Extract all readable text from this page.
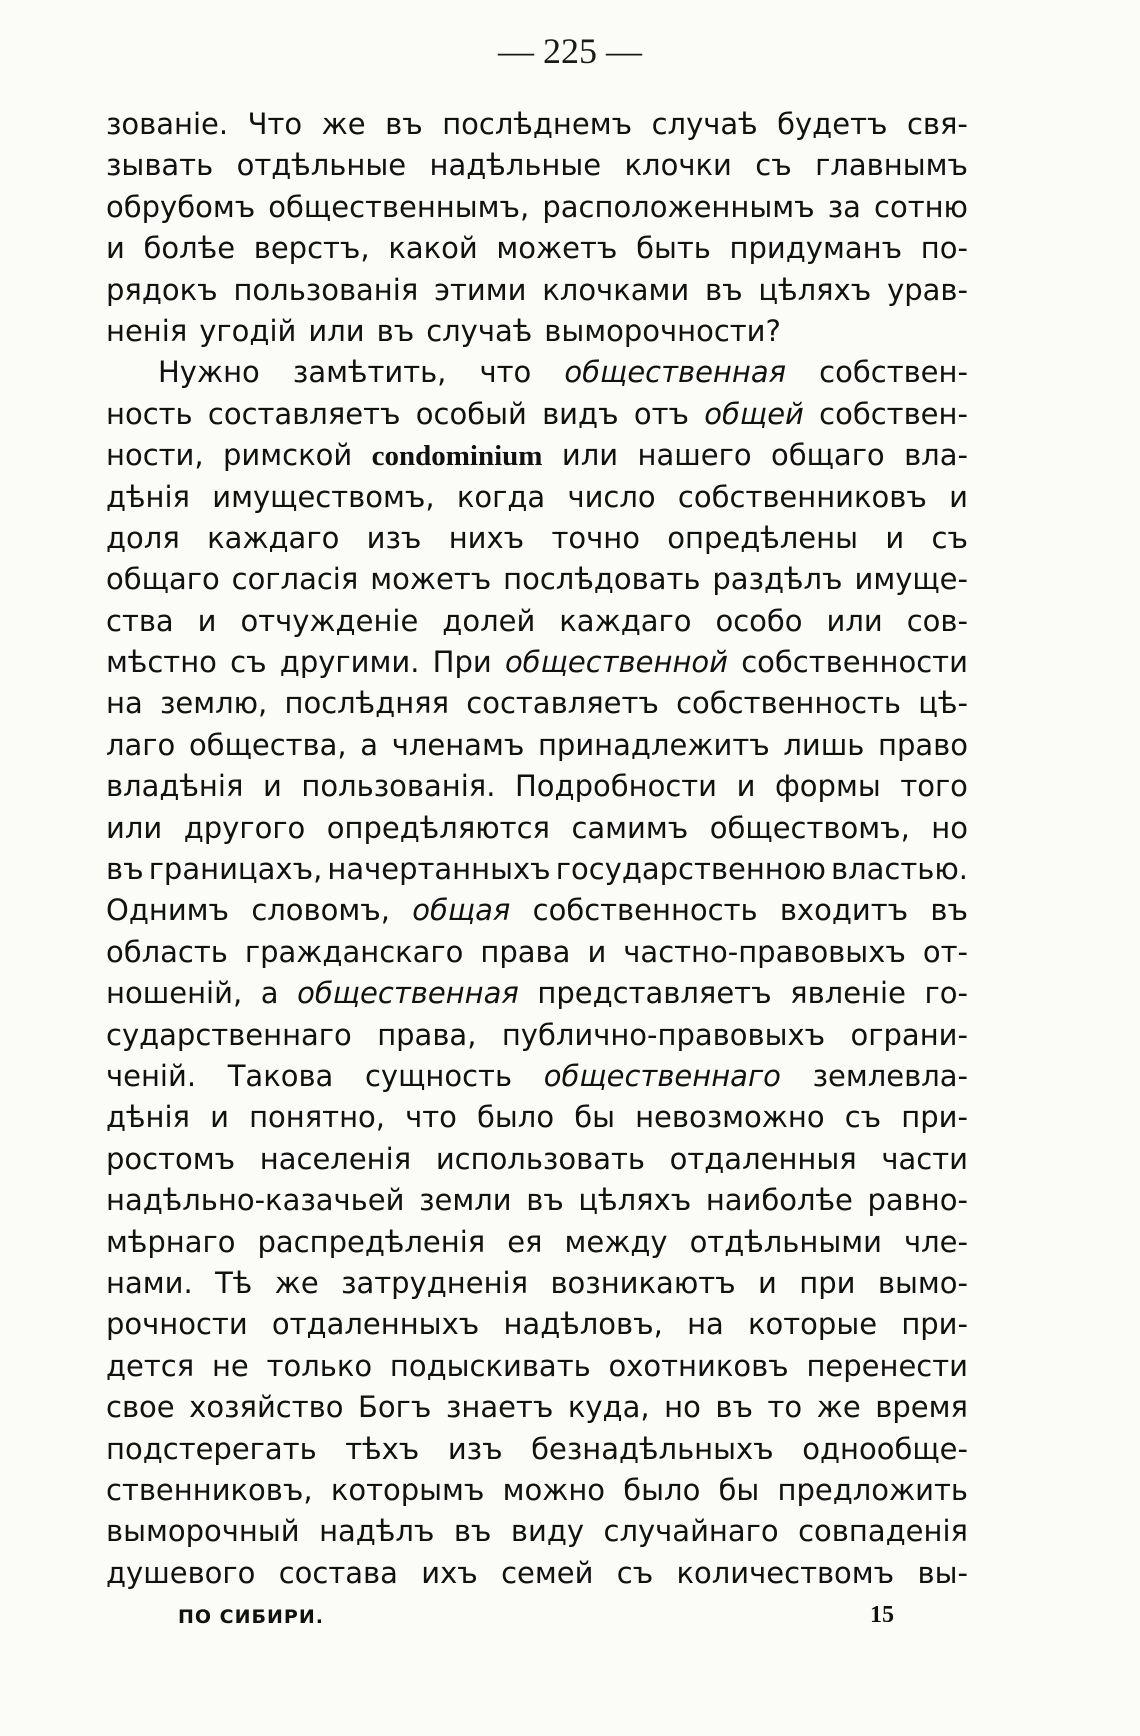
— 225 —
зованіе. Что же въ послѣднемъ случаѣ будетъ свя-
зывать отдѣльные надѣльные клочки съ главнымъ
обрубомъ общественнымъ, расположеннымъ за сотню
и болѣе верстъ, какой можетъ быть придуманъ по-
рядокъ пользованія этими клочками въ цѣляхъ урав-
ненія угодій или въ случаѣ выморочности?
Нужно замѣтить, что общественная собствен-
ность составляетъ особый видъ отъ общей собствен-
ности, римской condominium или нашего общаго вла-
дѣнія имуществомъ, когда число собственниковъ и
доля каждаго изъ нихъ точно опредѣлены и съ
общаго согласія можетъ послѣдовать раздѣлъ имуще-
ства и отчужденіе долей каждаго особо или сов-
мѣстно съ другими. При общественной собственности
на землю, послѣдняя составляетъ собственность цѣ-
лаго общества, а членамъ принадлежитъ лишь право
владѣнія и пользованія. Подробности и формы того
или другого опредѣляются самимъ обществомъ, но
въ границахъ, начертанныхъ государственною властью.
Однимъ словомъ, общая собственность входитъ въ
область гражданскаго права и частно-правовыхъ от-
ношеній, а общественная представляетъ явленіе го-
сударственнаго права, публично-правовыхъ ограни-
ченій. Такова сущность общественнаго землевла-
дѣнія и понятно, что было бы невозможно съ при-
ростомъ населенія использовать отдаленныя части
надѣльно-казачьей земли въ цѣляхъ наиболѣе равно-
мѣрнаго распредѣленія ея между отдѣльными чле-
нами. Тѣ же затрудненія возникаютъ и при вымо-
рочности отдаленныхъ надѣловъ, на которые при-
дется не только подыскивать охотниковъ перенести
свое хозяйство Богъ знаетъ куда, но въ то же время
подстерегать тѣхъ изъ безнадѣльныхъ однообще-
ственниковъ, которымъ можно было бы предложить
выморочный надѣлъ въ виду случайнаго совпаденія
душевого состава ихъ семей съ количествомъ вы-
ПО СИБИРИ.	15
